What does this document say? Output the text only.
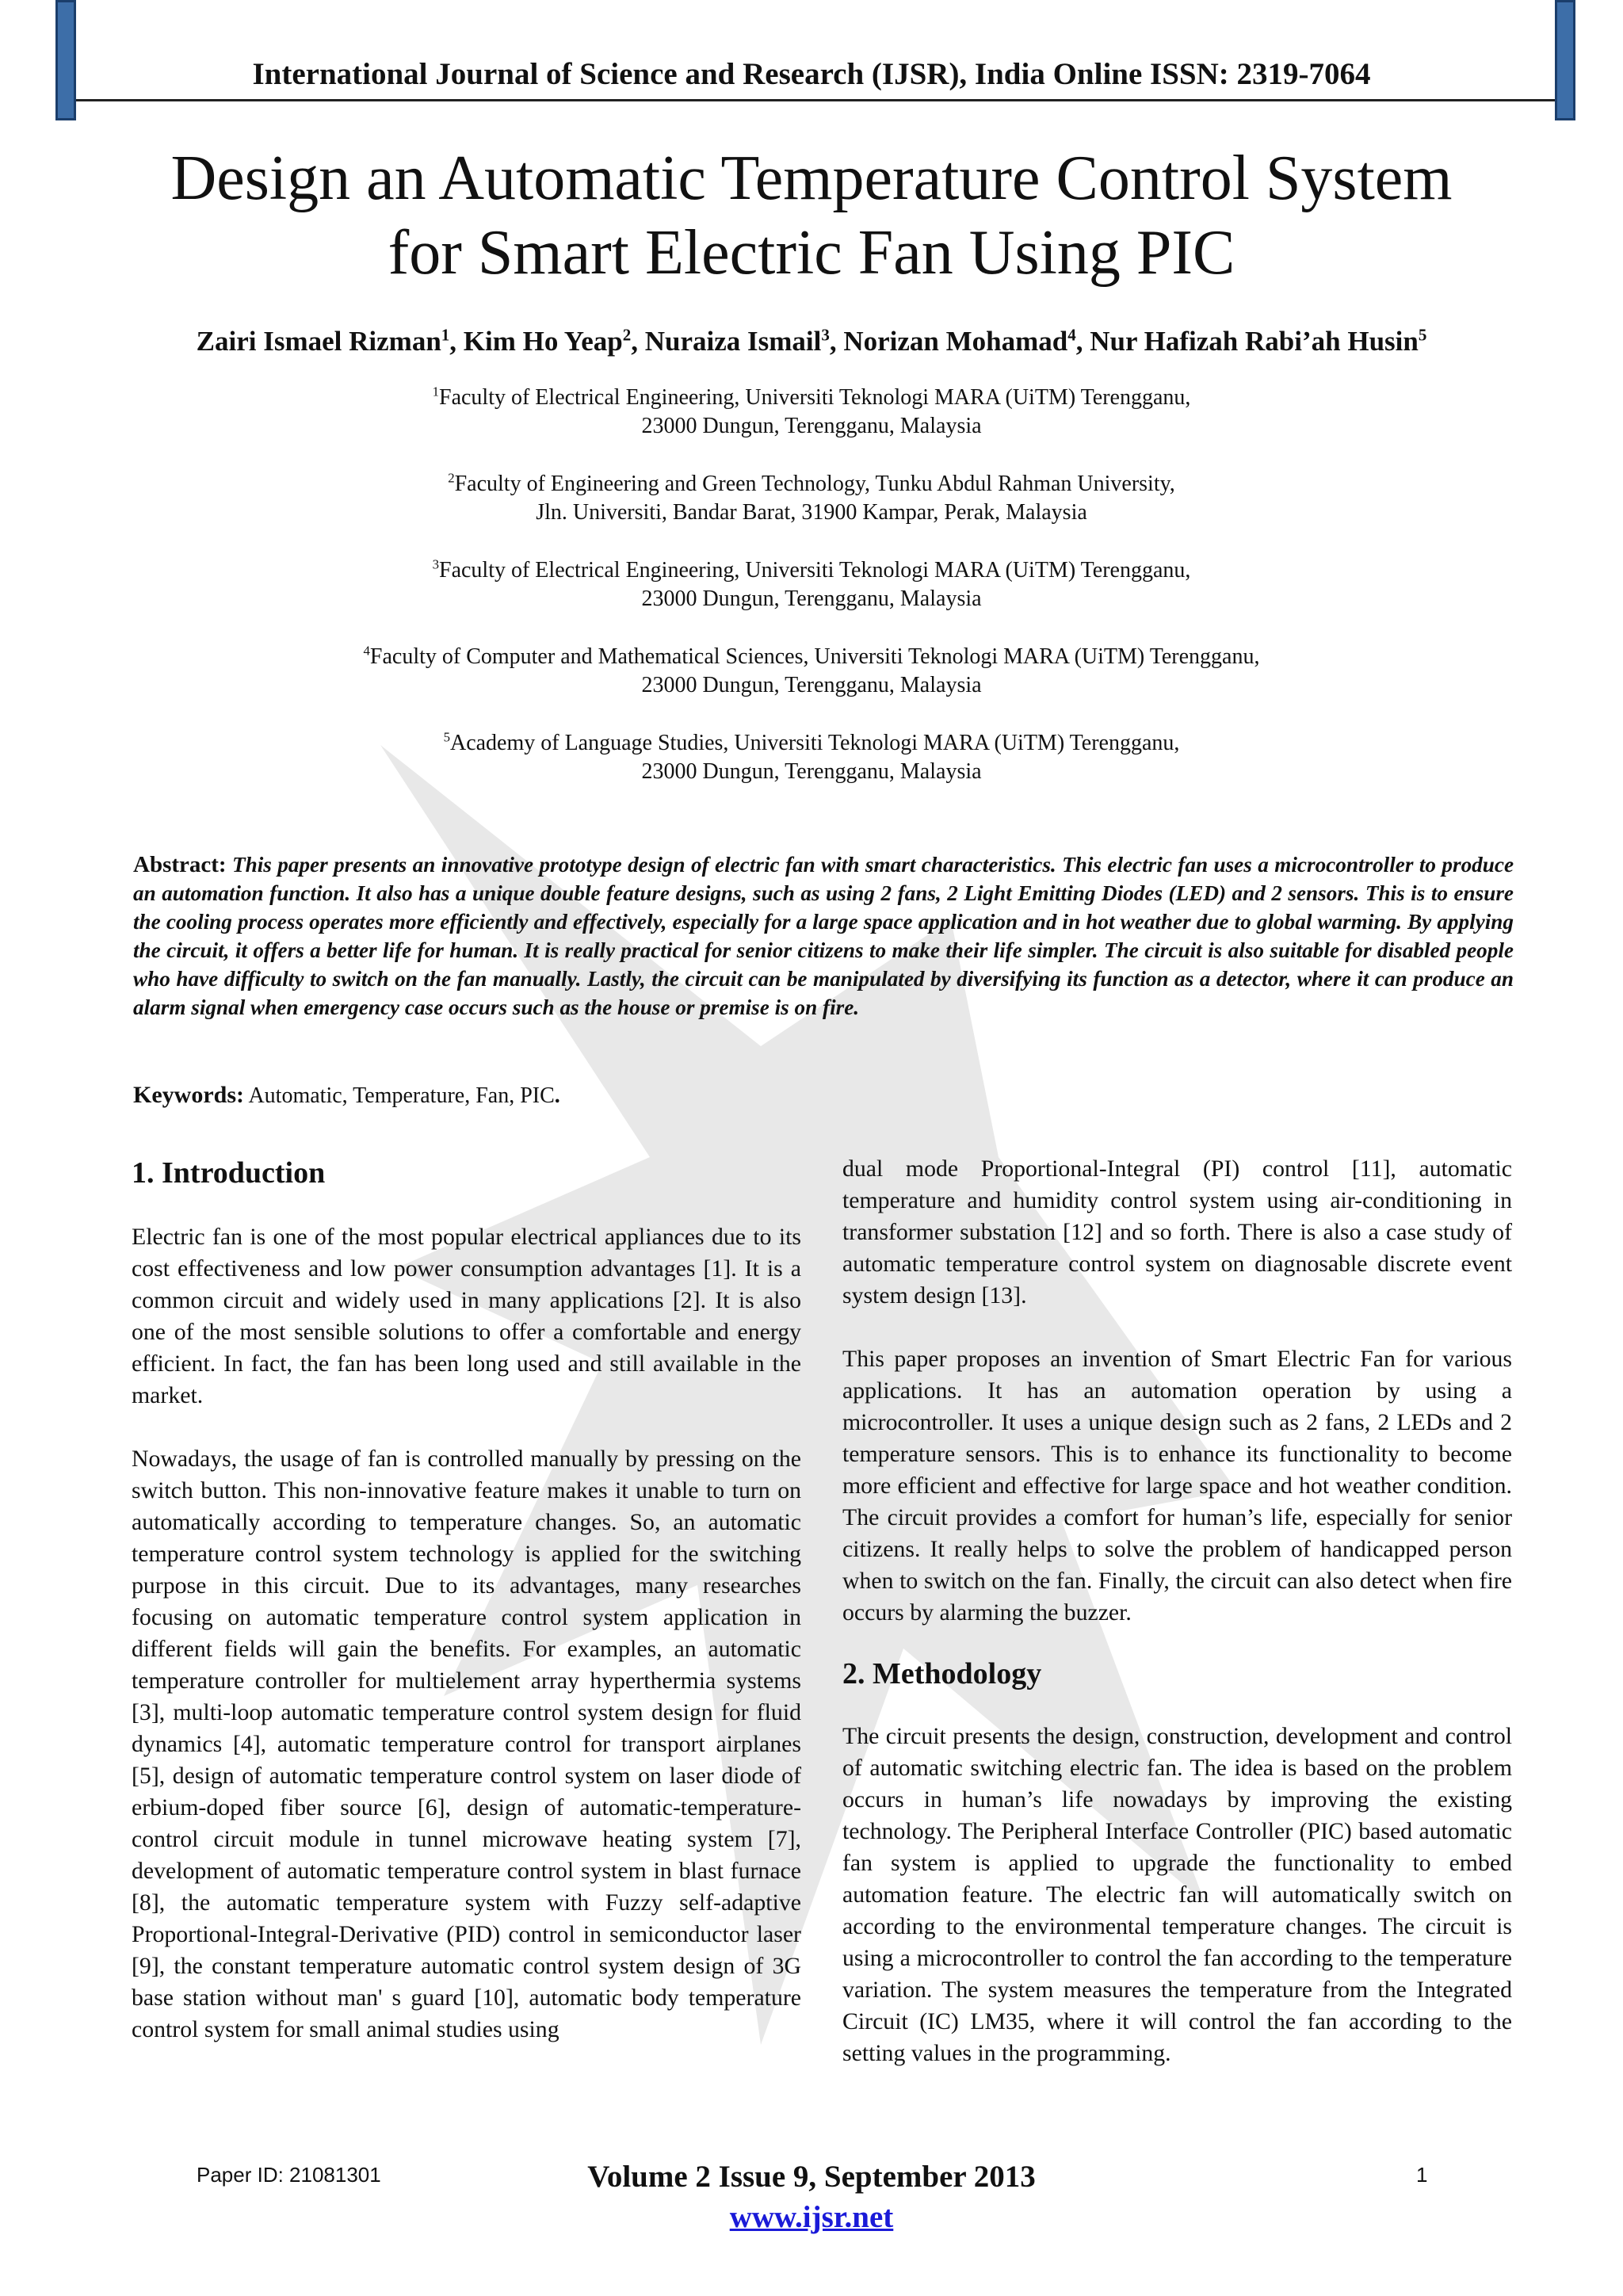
International Journal of Science and Research (IJSR), India Online ISSN: 2319-7064
Design an Automatic Temperature Control System
for Smart Electric Fan Using PIC
Zairi Ismael Rizman$^1$, Kim Ho Yeap$^2$, Nuraiza Ismail$^3$, Norizan Mohamad$^4$, Nur Hafizah Rabi’ah Husin$^5$
$^1$Faculty of Electrical Engineering, Universiti Teknologi MARA (UiTM) Terengganu,
23000 Dungun, Terengganu, Malaysia
$^2$Faculty of Engineering and Green Technology, Tunku Abdul Rahman University,
Jln. Universiti, Bandar Barat, 31900 Kampar, Perak, Malaysia
$^3$Faculty of Electrical Engineering, Universiti Teknologi MARA (UiTM) Terengganu,
23000 Dungun, Terengganu, Malaysia
$^4$Faculty of Computer and Mathematical Sciences, Universiti Teknologi MARA (UiTM) Terengganu,
23000 Dungun, Terengganu, Malaysia
$^5$Academy of Language Studies, Universiti Teknologi MARA (UiTM) Terengganu,
23000 Dungun, Terengganu, Malaysia
Abstract: This paper presents an innovative prototype design of electric fan with smart characteristics. This electric fan uses a microcontroller to produce an automation function. It also has a unique double feature designs, such as using 2 fans, 2 Light Emitting Diodes (LED) and 2 sensors. This is to ensure the cooling process operates more efficiently and effectively, especially for a large space application and in hot weather due to global warming. By applying the circuit, it offers a better life for human. It is really practical for senior citizens to make their life simpler. The circuit is also suitable for disabled people who have difficulty to switch on the fan manually. Lastly, the circuit can be manipulated by diversifying its function as a detector, where it can produce an alarm signal when emergency case occurs such as the house or premise is on fire.
Keywords: Automatic, Temperature, Fan, PIC.
1. Introduction

Electric fan is one of the most popular electrical appliances due to its cost effectiveness and low power consumption advantages [1]. It is a common circuit and widely used in many applications [2]. It is also one of the most sensible solutions to offer a comfortable and energy efficient. In fact, the fan has been long used and still available in the market.

Nowadays, the usage of fan is controlled manually by pressing on the switch button. This non-innovative feature makes it unable to turn on automatically according to temperature changes. So, an automatic temperature control system technology is applied for the switching purpose in this circuit. Due to its advantages, many researches focusing on automatic temperature control system application in different fields will gain the benefits. For examples, an automatic temperature controller for multielement array hyperthermia systems [3], multi-loop automatic temperature control system design for fluid dynamics [4], automatic temperature control for transport airplanes [5], design of automatic temperature control system on laser diode of erbium-doped fiber source [6], design of automatic-temperature-control circuit module in tunnel microwave heating system [7], development of automatic temperature control system in blast furnace [8], the automatic temperature system with Fuzzy self-adaptive Proportional-Integral-Derivative (PID) control in semiconductor laser [9], the constant temperature automatic control system design of 3G base station without man' s guard [10], automatic body temperature control system for small animal studies using

dual mode Proportional-Integral (PI) control [11], automatic temperature and humidity control system using air-conditioning in transformer substation [12] and so forth. There is also a case study of automatic temperature control system on diagnosable discrete event system design [13].

This paper proposes an invention of Smart Electric Fan for various applications. It has an automation operation by using a microcontroller. It uses a unique design such as 2 fans, 2 LEDs and 2 temperature sensors. This is to enhance its functionality to become more efficient and effective for large space and hot weather condition. The circuit provides a comfort for human’s life, especially for senior citizens. It really helps to solve the problem of handicapped person when to switch on the fan. Finally, the circuit can also detect when fire occurs by alarming the buzzer.

2. Methodology

The circuit presents the design, construction, development and control of automatic switching electric fan. The idea is based on the problem occurs in human’s life nowadays by improving the existing technology. The Peripheral Interface Controller (PIC) based automatic fan system is applied to upgrade the functionality to embed automation feature. The electric fan will automatically switch on according to the environmental temperature changes. The circuit is using a microcontroller to control the fan according to the temperature variation. The system measures the temperature from the Integrated Circuit (IC) LM35, where it will control the fan according to the setting values in the programming.

Volume 2 Issue 9, September 2013
www.ijsr.net
Paper ID: 21081301	1
